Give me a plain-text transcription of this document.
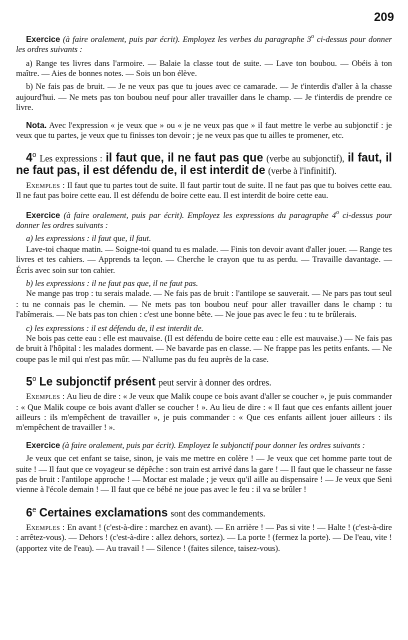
209

Exercice (à faire oralement, puis par écrit). Employez les verbes du paragraphe 3$^o$ ci-dessus pour donner les ordres suivants :

a) Range tes livres dans l'armoire. — Balaie la classe tout de suite. — Lave ton boubou. — Obéis à ton maître. — Aies de bonnes notes. — Sois un bon élève.

b) Ne fais pas de bruit. — Je ne veux pas que tu joues avec ce camarade. — Je t'interdis d'aller à la chasse aujourd'hui. — Ne mets pas ton boubou neuf pour aller travailler dans le champ. — Je t'interdis de prendre ce livre.

Nota. Avec l'expression « je veux que » ou « je ne veux pas que » il faut mettre le verbe au subjonctif : je veux que tu partes, je veux que tu finisses ton devoir ; je ne veux pas que tu ailles te promener, etc.

4$^o$ Les expressions : il faut que, il ne faut pas que (verbe au subjonctif), il faut, il ne faut pas, il est défendu de, il est interdit de (verbe à l'infinitif).

Exemples : Il faut que tu partes tout de suite. Il faut partir tout de suite. Il ne faut pas que tu boives cette eau. Il ne faut pas boire cette eau. Il est défendu de boire cette eau. Il est interdit de boire cette eau.

Exercice (à faire oralement, puis par écrit). Employez les expressions du paragraphe 4$^o$ ci-dessus pour donner les ordres suivants :

a) les expressions : il faut que, il faut.

Lave-toi chaque matin. — Soigne-toi quand tu es malade. — Finis ton devoir avant d'aller jouer. — Range tes livres et tes cahiers. — Apprends ta leçon. — Cherche le crayon que tu as perdu. — Travaille davantage. — Écris avec soin sur ton cahier.

b) les expressions : il ne faut pas que, il ne faut pas.

Ne mange pas trop : tu serais malade. — Ne fais pas de bruit : l'antilope se sauverait. — Ne pars pas tout seul : tu ne connais pas le chemin. — Ne mets pas ton boubou neuf pour aller travailler dans le champ : tu l'abîmerais. — Ne bats pas ton chien : c'est une bonne bête. — Ne joue pas avec le feu : tu te brûlerais.

c) les expressions : il est défendu de, il est interdit de.

Ne bois pas cette eau : elle est mauvaise. (Il est défendu de boire cette eau : elle est mauvaise.) — Ne fais pas de bruit à l'hôpital : les malades dorment. — Ne bavarde pas en classe. — Ne frappe pas les petits enfants. — Ne coupe pas le mil qui n'est pas mûr. — N'allume pas du feu auprès de la case.

5$^o$ Le subjonctif présent peut servir à donner des ordres.

Exemples : Au lieu de dire : « Je veux que Malik coupe ce bois avant d'aller se coucher », je puis commander : « Que Malik coupe ce bois avant d'aller se coucher ! ». Au lieu de dire : « Il faut que ces enfants aillent jouer ailleurs : ils m'empêchent de travailler », je puis commander : « Que ces enfants aillent jouer ailleurs : ils m'empêchent de travailler ! ».

Exercice (à faire oralement, puis par écrit). Employez le subjonctif pour donner les ordres suivants :

Je veux que cet enfant se taise, sinon, je vais me mettre en colère ! — Je veux que cet homme parte tout de suite ! — Il faut que ce voyageur se dépêche : son train est arrivé dans la gare ! — Il faut que le chasseur ne fasse pas de bruit : l'antilope approche ! — Moctar est malade ; je veux qu'il aille au dispensaire ! — Je veux que Seni vienne à l'école demain ! — Il faut que ce bébé ne joue pas avec le feu : il va se brûler !

6e Certaines exclamations sont des commandements.

Exemples : En avant ! (c'est-à-dire : marchez en avant). — En arrière ! — Pas si vite ! — Halte ! (c'est-à-dire : arrêtez-vous). — Dehors ! (c'est-à-dire : allez dehors, sortez). — La porte ! (fermez la porte). — De l'eau, vite ! (apportez vite de l'eau). — Au travail ! — Silence ! (faites silence, taisez-vous).
